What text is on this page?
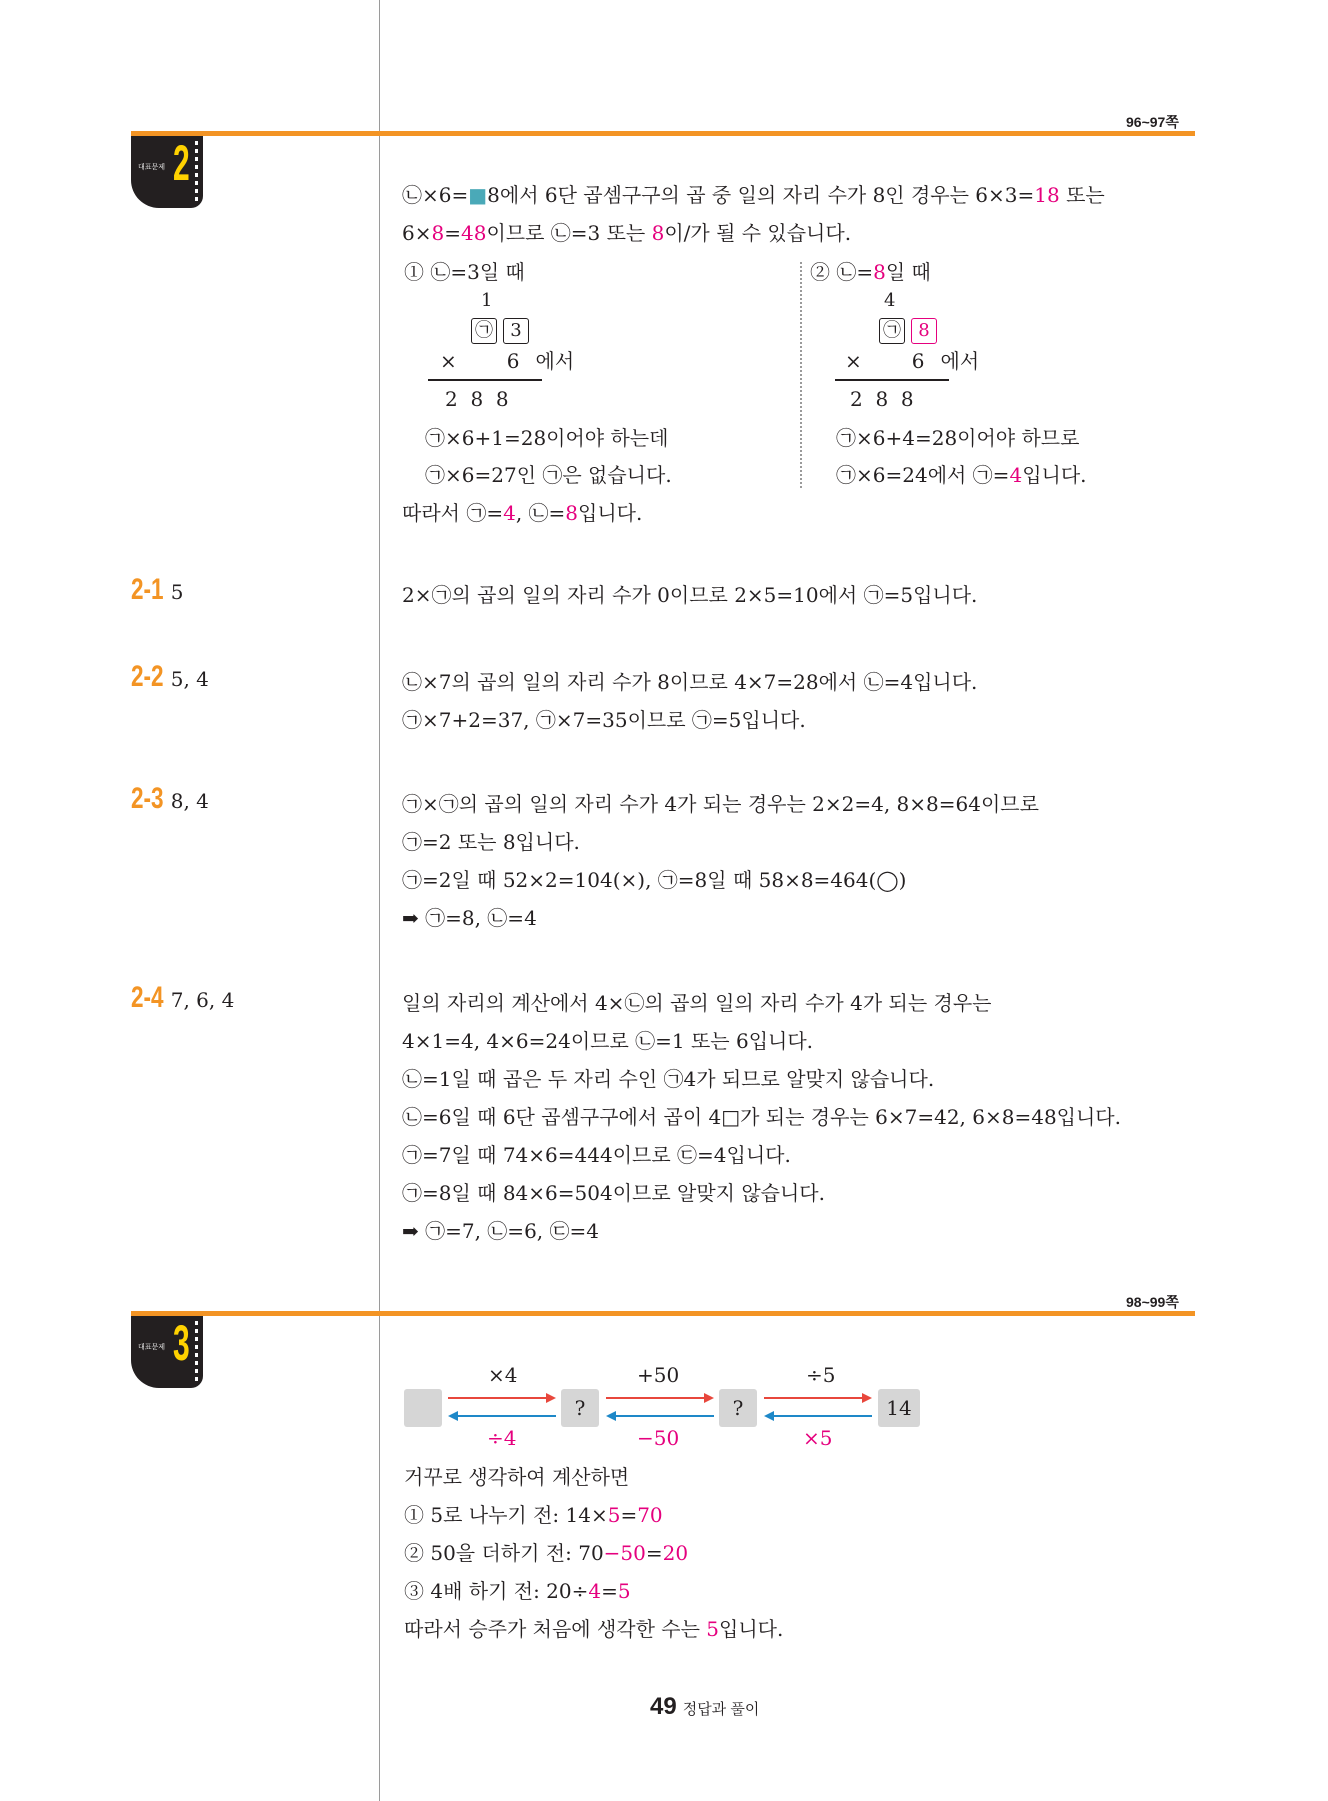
96~97쪽
대표문제 2
㉡×6=■8에서 6단 곱셈구구의 곱 중 일의 자리 수가 8인 경우는 6×3=18 또는
6×8=48이므로 ㉡=3 또는 8이/가 될 수 있습니다.
① ㉡=3일 때
1
㉠ 3
×	6 에서
2  8  8
㉠×6+1=28이어야 하는데
㉠×6=27인 ㉠은 없습니다.
② ㉡=8일 때
4
㉠ 8
×	6 에서
2  8  8
㉠×6+4=28이어야 하므로
㉠×6=24에서 ㉠=4입니다.
따라서 ㉠=4, ㉡=8입니다.
2-1 5	2×㉠의 곱의 일의 자리 수가 0이므로 2×5=10에서 ㉠=5입니다.
2-2 5, 4	㉡×7의 곱의 일의 자리 수가 8이므로 4×7=28에서 ㉡=4입니다.
㉠×7+2=37, ㉠×7=35이므로 ㉠=5입니다.
2-3 8, 4	㉠×㉠의 곱의 일의 자리 수가 4가 되는 경우는 2×2=4, 8×8=64이므로
㉠=2 또는 8입니다.
㉠=2일 때 52×2=104(×), ㉠=8일 때 58×8=464(◯)
➡ ㉠=8, ㉡=4
2-4 7, 6, 4	일의 자리의 계산에서 4×㉡의 곱의 일의 자리 수가 4가 되는 경우는
4×1=4, 4×6=24이므로 ㉡=1 또는 6입니다.
㉡=1일 때 곱은 두 자리 수인 ㉠4가 되므로 알맞지 않습니다.
㉡=6일 때 6단 곱셈구구에서 곱이 4□가 되는 경우는 6×7=42, 6×8=48입니다.
㉠=7일 때 74×6=444이므로 ㉢=4입니다.
㉠=8일 때 84×6=504이므로 알맞지 않습니다.
➡ ㉠=7, ㉡=6, ㉢=4
98~99쪽
대표문제 3
×4	+50	÷5
?	?	14
÷4	−50	×5
거꾸로 생각하여 계산하면
① 5로 나누기 전: 14×5=70
② 50을 더하기 전: 70−50=20
③ 4배 하기 전: 20÷4=5
따라서 승주가 처음에 생각한 수는 5입니다.
49 정답과 풀이
